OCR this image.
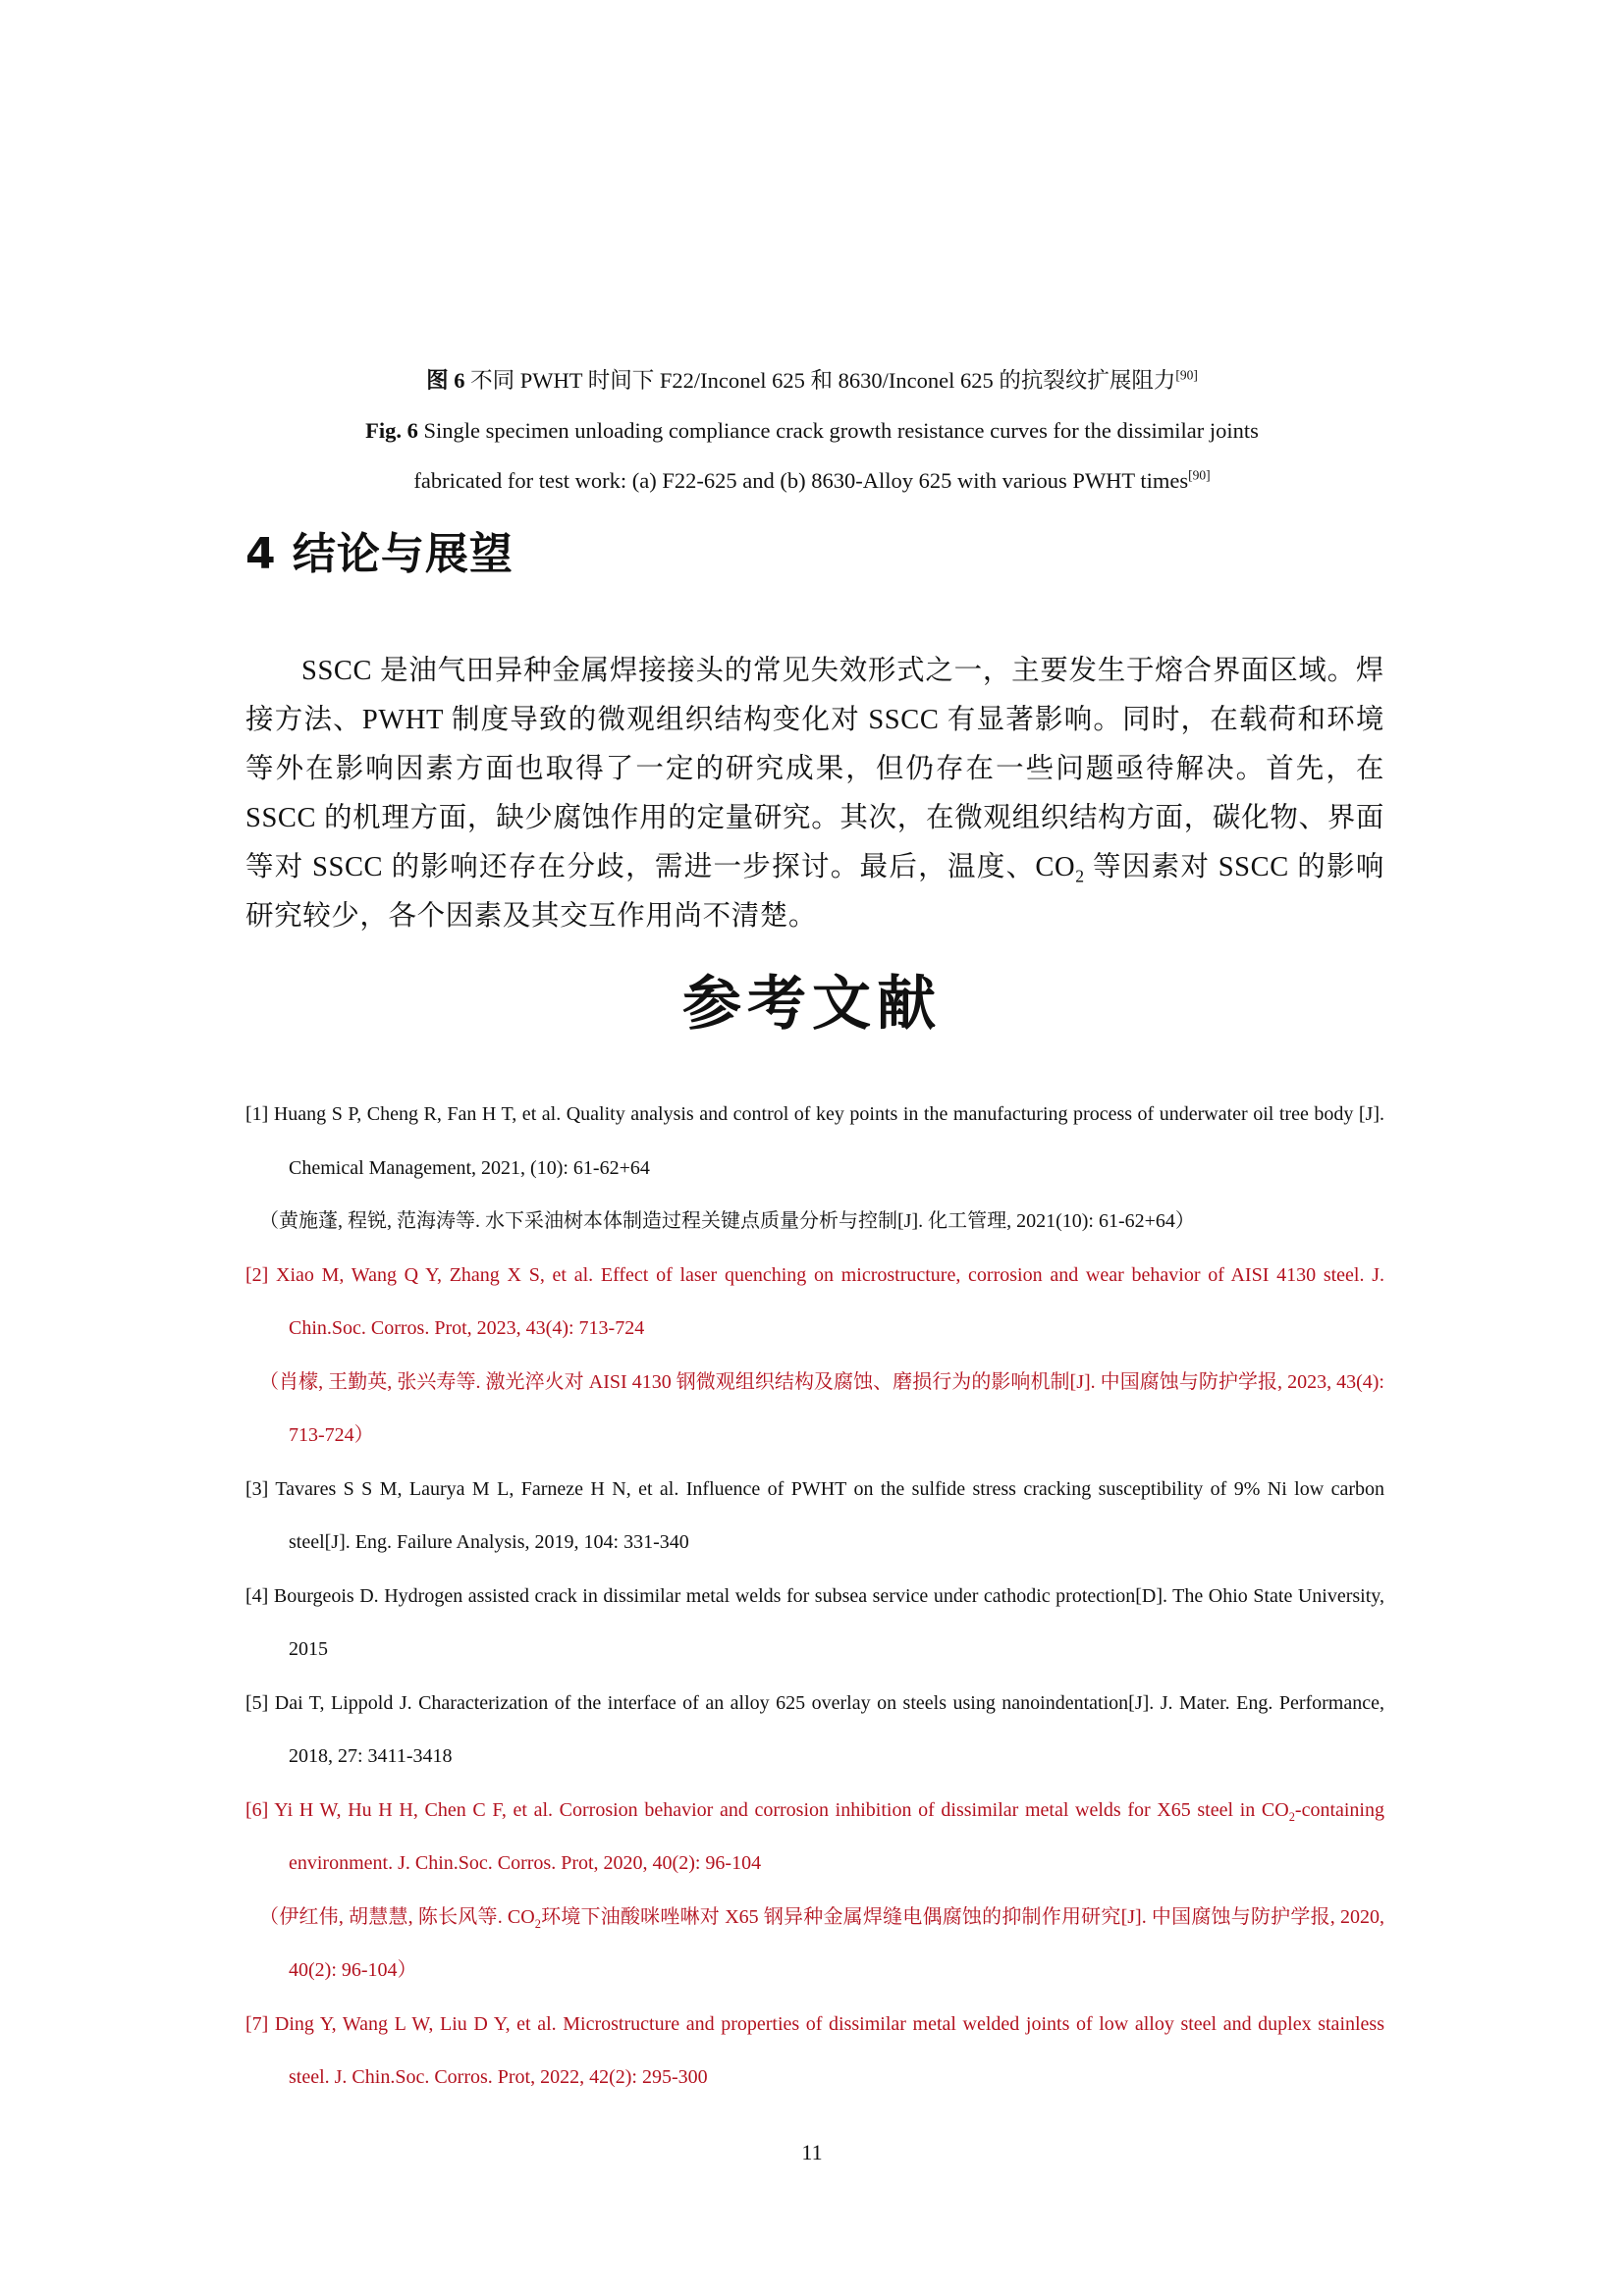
图 6 不同 PWHT 时间下 F22/Inconel 625 和 8630/Inconel 625 的抗裂纹扩展阻力[90]
Fig. 6 Single specimen unloading compliance crack growth resistance curves for the dissimilar joints
fabricated for test work: (a) F22-625 and (b) 8630-Alloy 625 with various PWHT times[90]
4 结论与展望

SSCC 是油气田异种金属焊接接头的常见失效形式之一，主要发生于熔合界面区域。焊接方法、PWHT 制度导致的微观组织结构变化对 SSCC 有显著影响。同时，在载荷和环境等外在影响因素方面也取得了一定的研究成果，但仍存在一些问题亟待解决。首先，在 SSCC 的机理方面，缺少腐蚀作用的定量研究。其次，在微观组织结构方面，碳化物、界面等对 SSCC 的影响还存在分歧，需进一步探讨。最后，温度、$CO_2$ 等因素对 SSCC 的影响研究较少，各个因素及其交互作用尚不清楚。

参考文献

[1] Huang S P, Cheng R, Fan H T, et al. Quality analysis and control of key points in the manufacturing process of underwater oil tree body [J]. Chemical Management, 2021, (10): 61-62+64

（黄施蓬, 程锐, 范海涛等. 水下采油树本体制造过程关键点质量分析与控制[J]. 化工管理, 2021(10): 61-62+64）

[2] Xiao M, Wang Q Y, Zhang X S, et al. Effect of laser quenching on microstructure, corrosion and wear behavior of AISI 4130 steel. J. Chin.Soc. Corros. Prot, 2023, 43(4): 713-724

（肖檬, 王勤英, 张兴寿等. 激光淬火对 AISI 4130 钢微观组织结构及腐蚀、磨损行为的影响机制[J]. 中国腐蚀与防护学报, 2023, 43(4): 713-724）

[3] Tavares S S M, Laurya M L, Farneze H N, et al. Influence of PWHT on the sulfide stress cracking susceptibility of 9% Ni low carbon steel[J]. Eng. Failure Analysis, 2019, 104: 331-340

[4] Bourgeois D. Hydrogen assisted crack in dissimilar metal welds for subsea service under cathodic protection[D]. The Ohio State University, 2015

[5] Dai T, Lippold J. Characterization of the interface of an alloy 625 overlay on steels using nanoindentation[J]. J. Mater. Eng. Performance, 2018, 27: 3411-3418

[6] Yi H W, Hu H H, Chen C F, et al. Corrosion behavior and corrosion inhibition of dissimilar metal welds for X65 steel in $CO_2$-containing environment. J. Chin.Soc. Corros. Prot, 2020, 40(2): 96-104

（伊红伟, 胡慧慧, 陈长风等. $CO_2$环境下油酸咪唑啉对 X65 钢异种金属焊缝电偶腐蚀的抑制作用研究[J]. 中国腐蚀与防护学报, 2020, 40(2): 96-104）

[7] Ding Y, Wang L W, Liu D Y, et al. Microstructure and properties of dissimilar metal welded joints of low alloy steel and duplex stainless steel. J. Chin.Soc. Corros. Prot, 2022, 42(2): 295-300

11
